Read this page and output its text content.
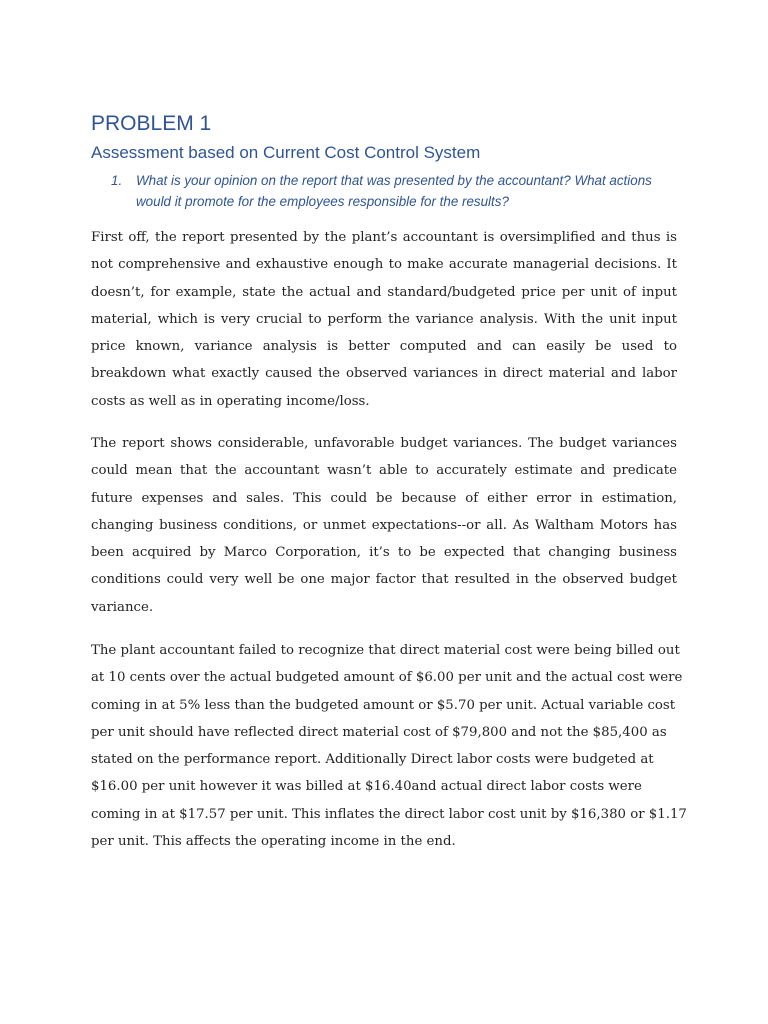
PROBLEM 1
Assessment based on Current Cost Control System
1. What is your opinion on the report that was presented by the accountant? What actions would it promote for the employees responsible for the results?

First off, the report presented by the plant’s accountant is oversimplified and thus is not comprehensive and exhaustive enough to make accurate managerial decisions. It doesn’t, for example, state the actual and standard/budgeted price per unit of input material, which is very crucial to perform the variance analysis. With the unit input price known, variance analysis is better computed and can easily be used to breakdown what exactly caused the observed variances in direct material and labor costs as well as in operating income/loss.

The report shows considerable, unfavorable budget variances. The budget variances could mean that the accountant wasn’t able to accurately estimate and predicate future expenses and sales. This could be because of either error in estimation, changing business conditions, or unmet expectations--or all. As Waltham Motors has been acquired by Marco Corporation, it’s to be expected that changing business conditions could very well be one major factor that resulted in the observed budget variance.

The plant accountant failed to recognize that direct material cost were being billed out at 10 cents over the actual budgeted amount of $6.00 per unit and the actual cost were coming in at 5% less than the budgeted amount or $5.70 per unit. Actual variable cost per unit should have reflected direct material cost of $79,800 and not the $85,400 as stated on the performance report. Additionally Direct labor costs were budgeted at $16.00 per unit however it was billed at $16.40and actual direct labor costs were coming in at $17.57 per unit. This inflates the direct labor cost unit by $16,380 or $1.17 per unit. This affects the operating income in the end.
